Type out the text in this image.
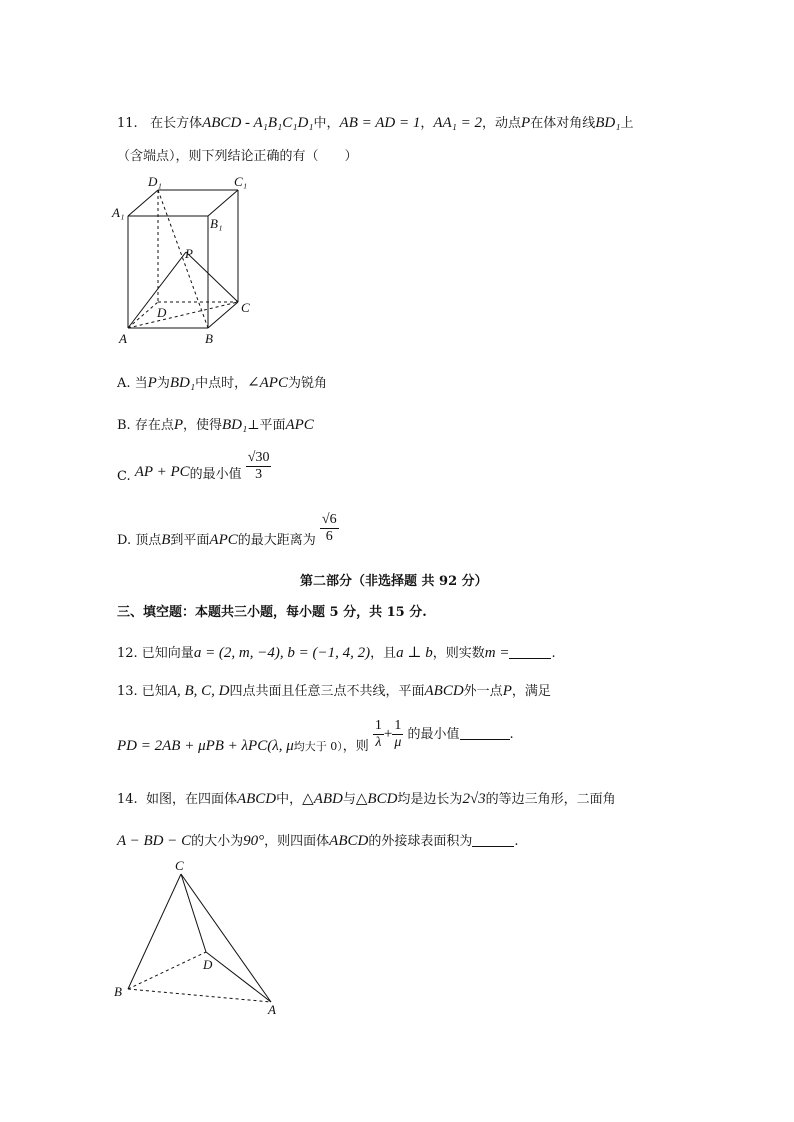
11. 在长方体ABCD - A₁B₁C₁D₁中，AB = AD = 1，AA₁ = 2，动点P在体对角线BD₁上
（含端点），则下列结论正确的有（　　）
D₁	C₁
A₁
B₁
P
D	C
A	B
A. 当P为BD₁中点时，∠APC为锐角
B. 存在点P，使得BD₁⊥平面APC
C. AP + PC的最小值 $\frac{√30}{3}$
D. 顶点B到平面APC的最大距离为 $\frac{√6}{6}$
第二部分（非选择题 共 92 分）
三、填空题：本题共三小题，每小题 5 分，共 15 分.
12. 已知向量a = (2, m, −4), b = (−1, 4, 2)，且a ⊥ b，则实数m =	.
13. 已知A, B, C, D四点共面且任意三点不共线，平面ABCD外一点P，满足
PD = 2AB + μPB + λPC(λ, $\mu_{均大于 0)}$，则 $\frac{1}{\lambda} + \frac{1}{\mu}$ 的最小值	.
14. 如图，在四面体ABCD中，△ABD与△BCD均是边长为2√3的等边三角形，二面角
A − BD − C的大小为90°，则四面体ABCD的外接球表面积为	.
C
D
B
A
